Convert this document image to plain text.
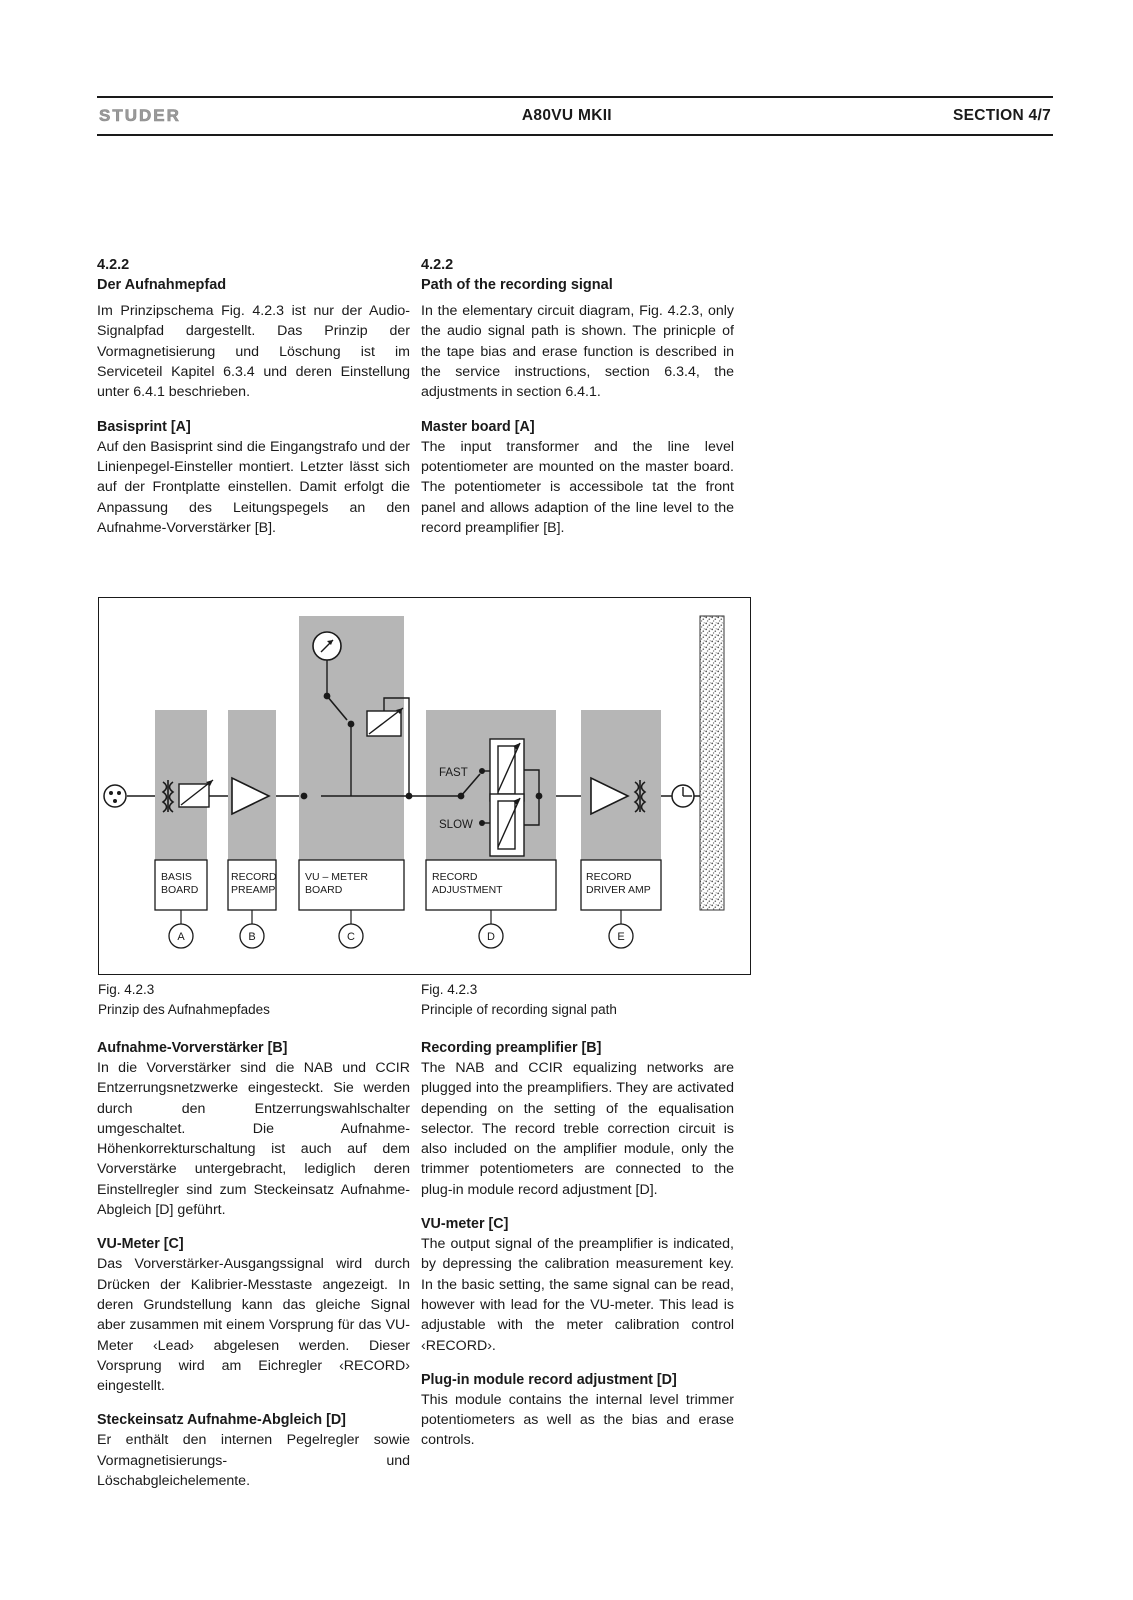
STUDER	A80VU MKII	SECTION 4/7
4.2.2
Der Aufnahmepfad

Im Prinzipschema Fig. 4.2.3 ist nur der Audio-Signalpfad dargestellt. Das Prinzip der Vormagnetisierung und Löschung ist im Serviceteil Kapitel 6.3.4 und deren Einstellung unter 6.4.1 beschrieben.

Basisprint [A]

Auf den Basisprint sind die Eingangstrafo und der Linienpegel-Einsteller montiert. Letzter lässt sich auf der Frontplatte einstellen. Damit erfolgt die Anpassung des Leitungspegels an den Aufnahme-Vorverstärker [B].

4.2.2
Path of the recording signal

In the elementary circuit diagram, Fig. 4.2.3, only the audio signal path is shown. The prinicple of the tape bias and erase function is described in the service instructions, section 6.3.4, the adjustments in section 6.4.1.

Master board [A]

The input transformer and the line level potentiometer are mounted on the master board. The potentiometer is accessibole tat the front panel and allows adaption of the line level to the record preamplifier [B].

FAST
SLOW
BASIS
BOARD
RECORD
PREAMP
VU – METER
BOARD
RECORD
ADJUSTMENT
RECORD
DRIVER AMP
A	B	C	D	E
Fig. 4.2.3
Prinzip des Aufnahmepfades
Fig. 4.2.3
Principle of recording signal path
Aufnahme-Vorverstärker [B]

In die Vorverstärker sind die NAB und CCIR Entzerrungsnetzwerke eingesteckt. Sie werden durch den Entzerrungswahlschalter umgeschaltet. Die Aufnahme-Höhenkorrekturschaltung ist auch auf dem Vorverstärke untergebracht, lediglich deren Einstellregler sind zum Steckeinsatz Aufnahme-Abgleich [D] geführt.

VU-Meter [C]

Das Vorverstärker-Ausgangssignal wird durch Drücken der Kalibrier-Messtaste angezeigt. In deren Grundstellung kann das gleiche Signal aber zusammen mit einem Vorsprung für das VU-Meter ‹Lead› abgelesen werden. Dieser Vorsprung wird am Eichregler ‹RECORD› eingestellt.

Steckeinsatz Aufnahme-Abgleich [D]

Er enthält den internen Pegelregler sowie Vormagnetisierungs- und Löschabgleichelemente.

Recording preamplifier [B]

The NAB and CCIR equalizing networks are plugged into the preamplifiers. They are activated depending on the setting of the equalisation selector. The record treble correction circuit is also included on the amplifier module, only the trimmer potentiometers are connected to the plug-in module record adjustment [D].

VU-meter [C]

The output signal of the preamplifier is indicated, by depressing the calibration measurement key. In the basic setting, the same signal can be read, however with lead for the VU-meter. This lead is adjustable with the meter calibration control ‹RECORD›.

Plug-in module record adjustment [D]

This module contains the internal level trimmer potentiometers as well as the bias and erase controls.
